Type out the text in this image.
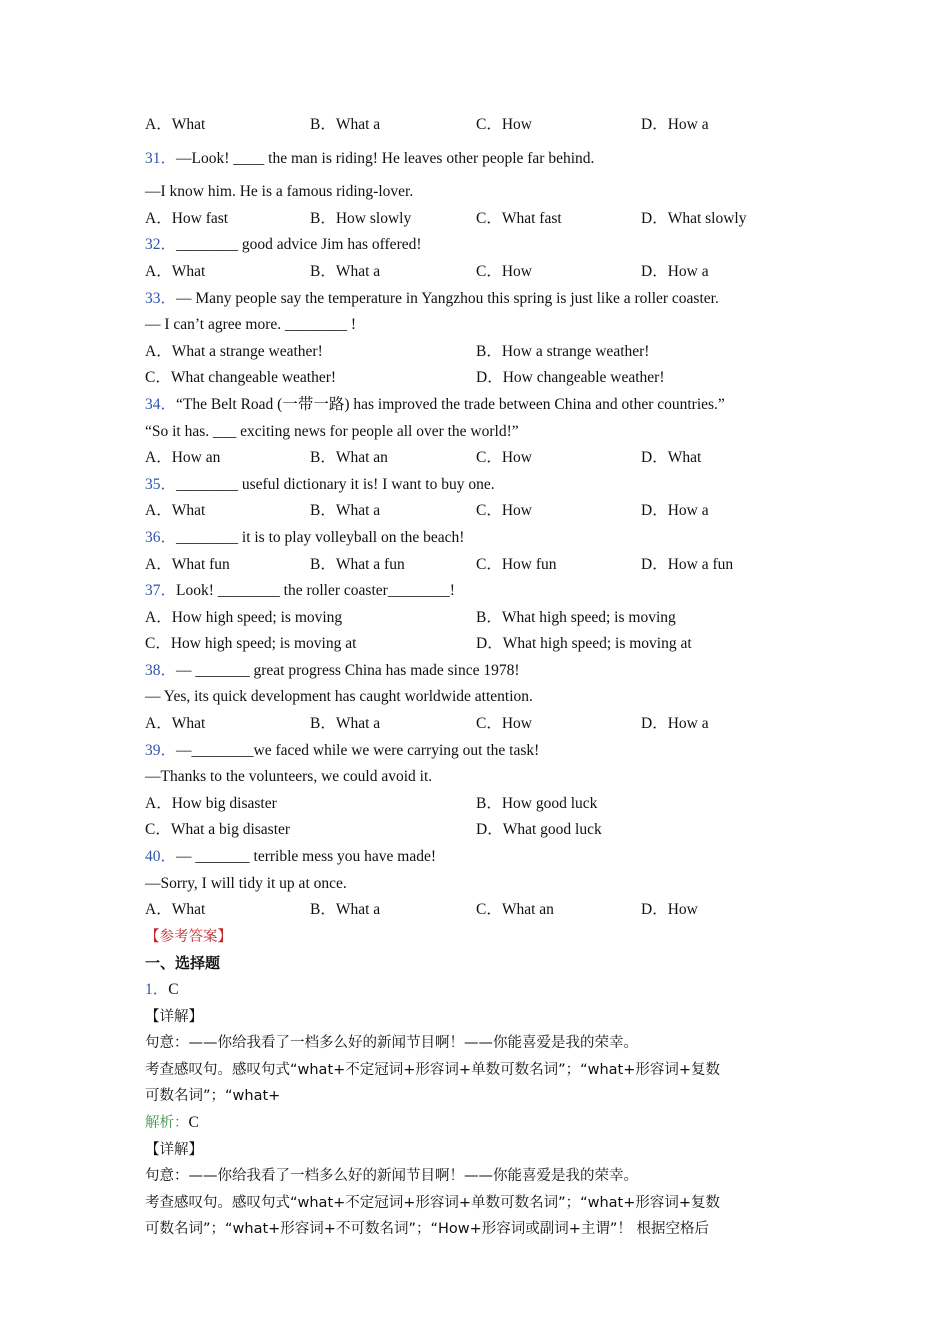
A．What	B．What a	C．How	D．How a
31．—Look! ____ the man is riding! He leaves other people far behind.
—I know him. He is a famous riding-lover.
A．How fast	B．How slowly	C．What fast	D．What slowly
32．________ good advice Jim has offered!
A．What	B．What a	C．How	D．How a
33．— Many people say the temperature in Yangzhou this spring is just like a roller coaster.
— I can’t agree more. ________ !
A．What a strange weather!	B．How a strange weather!
C．What changeable weather!	D．How changeable weather!
34．“The Belt Road (一带一路) has improved the trade between China and other countries.”
“So it has. ___ exciting news for people all over the world!”
A．How an	B．What an	C．How	D．What
35．________ useful dictionary it is! I want to buy one.
A．What	B．What a	C．How	D．How a
36．________ it is to play volleyball on the beach!
A．What fun	B．What a fun	C．How fun	D．How a fun
37．Look! ________ the roller coaster________!
A．How high speed; is moving	B．What high speed; is moving
C．How high speed; is moving at	D．What high speed; is moving at
38．— _______ great progress China has made since 1978!
— Yes, its quick development has caught worldwide attention.
A．What	B．What a	C．How	D．How a
39．—________we faced while we were carrying out the task!
—Thanks to the volunteers, we could avoid it.
A．How big disaster	B．How good luck
C．What a big disaster	D．What good luck
40．— _______ terrible mess you have made!
—Sorry, I will tidy it up at once.
A．What	B．What a	C．What an	D．How
【参考答案】
一、选择题
1．C
【详解】
句意：——你给我看了一档多么好的新闻节目啊！——你能喜爱是我的荣幸。
考查感叹句。感叹句式“what+不定冠词+形容词+单数可数名词”；“what+形容词+复数
可数名词”；“what+
解析：C
【详解】
句意：——你给我看了一档多么好的新闻节目啊！——你能喜爱是我的荣幸。
考查感叹句。感叹句式“what+不定冠词+形容词+单数可数名词”；“what+形容词+复数
可数名词”；“what+形容词+不可数名词”；“How+形容词或副词+主谓”！ 根据空格后
